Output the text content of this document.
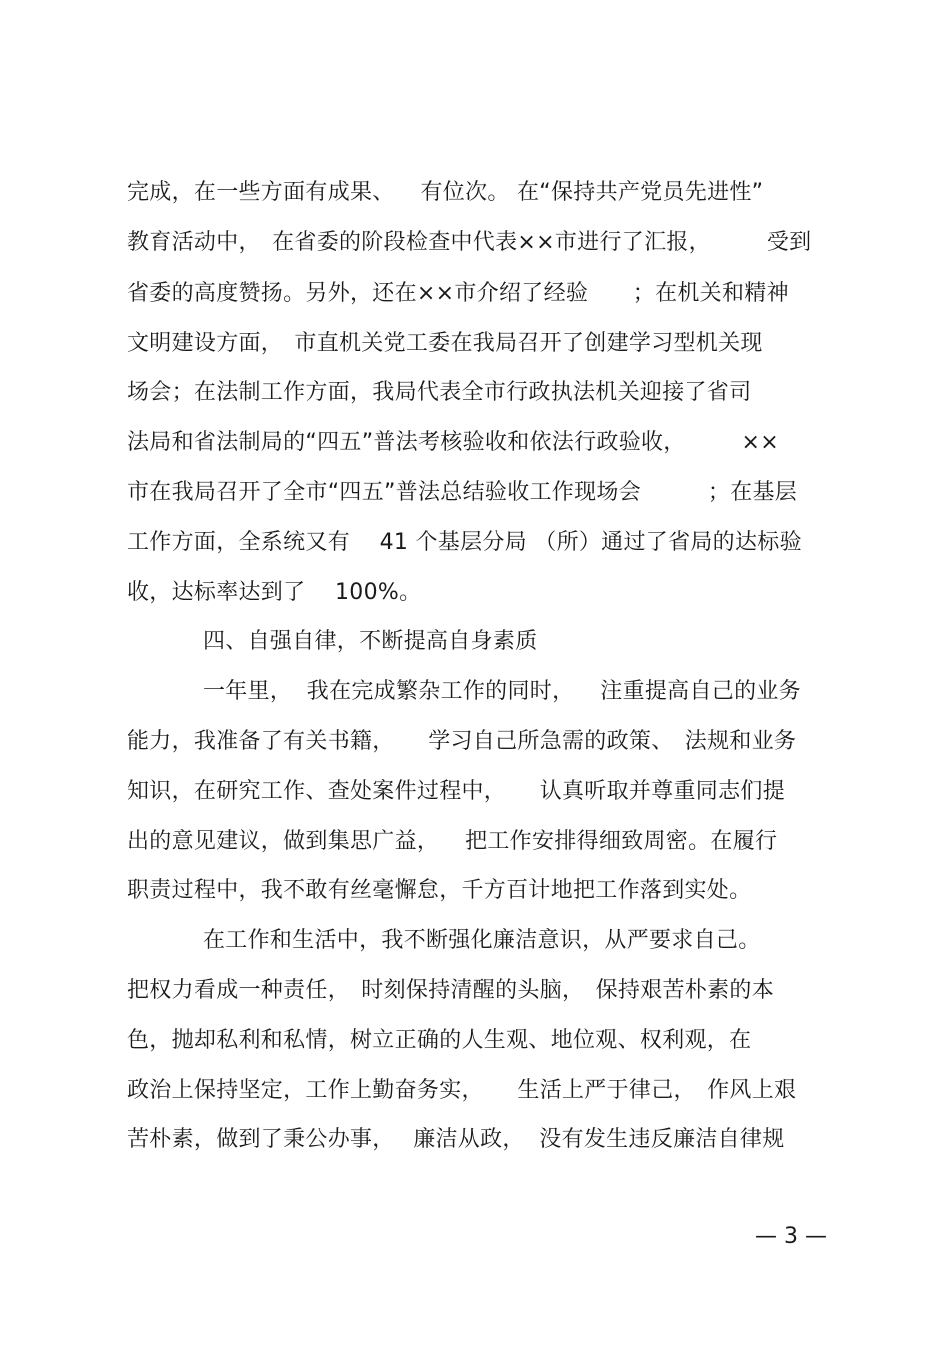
完成，在一些方面有成果、　  有位次。 在“保持共产党员先进性”
教育活动中，　在省委的阶段检查中代表××市进行了汇报，　　　受到
省委的高度赞扬。另外，还在××市介绍了经验　　；在机关和精神
文明建设方面，　市直机关党工委在我局召开了创建学习型机关现
场会；在法制工作方面，我局代表全市行政执法机关迎接了省司
法局和省法制局的“四五”普法考核验收和依法行政验收，　　　××
市在我局召开了全市“四五”普法总结验收工作现场会　　　；在基层
工作方面，全系统又有　 41 个基层分局 （所）通过了省局的达标验
收，达标率达到了　 100%。
四、自强自律，不断提高自身素质
一年里，  我在完成繁杂工作的同时，　  注重提高自己的业务
能力，我准备了有关书籍，　　学习自己所急需的政策、　法规和业务
知识，在研究工作、查处案件过程中，　　认真听取并尊重同志们提
出的意见建议，做到集思广益，　  把工作安排得细致周密。在履行
职责过程中，我不敢有丝毫懈怠，千方百计地把工作落到实处。
在工作和生活中，我不断强化廉洁意识，从严要求自己。
把权力看成一种责任，　时刻保持清醒的头脑，　保持艰苦朴素的本
色，抛却私利和私情，树立正确的人生观、地位观、权利观，在
政治上保持坚定，工作上勤奋务实，　　生活上严于律己，　作风上艰
苦朴素，做到了秉公办事，　 廉洁从政，  没有发生违反廉洁自律规
— 3 —
